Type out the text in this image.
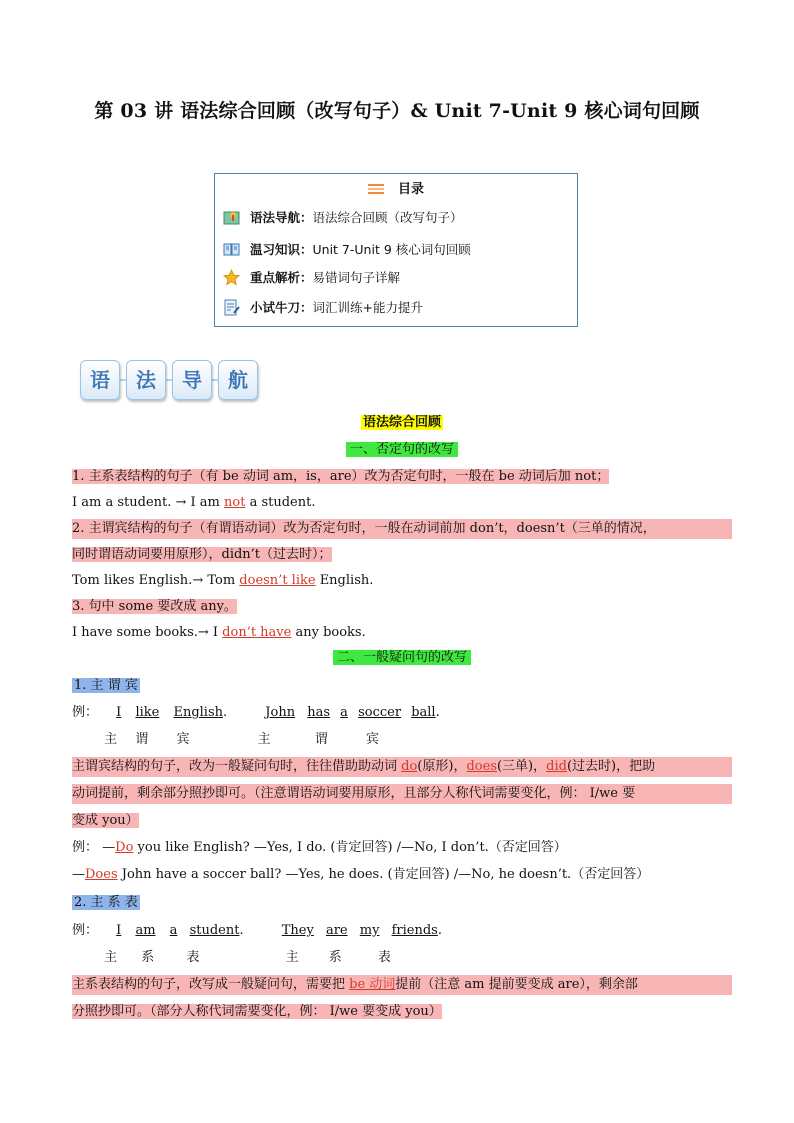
第 03 讲 语法综合回顾（改写句子）& Unit 7-Unit 9 核心词句回顾
目录
语法导航：语法综合回顾（改写句子）
温习知识：Unit 7-Unit 9 核心词句回顾
重点解析：易错词句子详解
小试牛刀：词汇训练+能力提升
语	法	导	航
语法综合回顾
一、否定句的改写
1. 主系表结构的句子（有 be 动词 am，is，are）改为否定句时，一般在 be 动词后加 not；
I am a student. → I am not a student.
2. 主谓宾结构的句子（有谓语动词）改为否定句时，一般在动词前加 don’t，doesn’t（三单的情况，
同时谓语动词要用原形），didn’t（过去时）；
Tom likes English.→ Tom doesn’t like English.
3. 句中 some 要改成 any。
I have some books.→ I don’t have any books.
二、一般疑问句的改写
1. 主 谓 宾
例： I like English.	John has a soccer ball.
主 谓 宾	主	谓	宾
主谓宾结构的句子，改为一般疑问句时，往往借助助动词 do(原形)，does(三单)，did(过去时)，把助
动词提前，剩余部分照抄即可。（注意谓语动词要用原形，且部分人称代词需要变化，例： I/we 要
变成 you）
例： —Do you like English? —Yes, I do. (肯定回答) /—No, I don’t.（否定回答）
—Does John have a soccer ball? —Yes, he does. (肯定回答) /—No, he doesn’t.（否定回答）
2. 主 系 表
例： I am a student.	They are my friends.
主 系 表	主 系	表
主系表结构的句子，改写成一般疑问句，需要把 be 动词提前（注意 am 提前要变成 are），剩余部
分照抄即可。（部分人称代词需要变化，例： I/we 要变成 you）
